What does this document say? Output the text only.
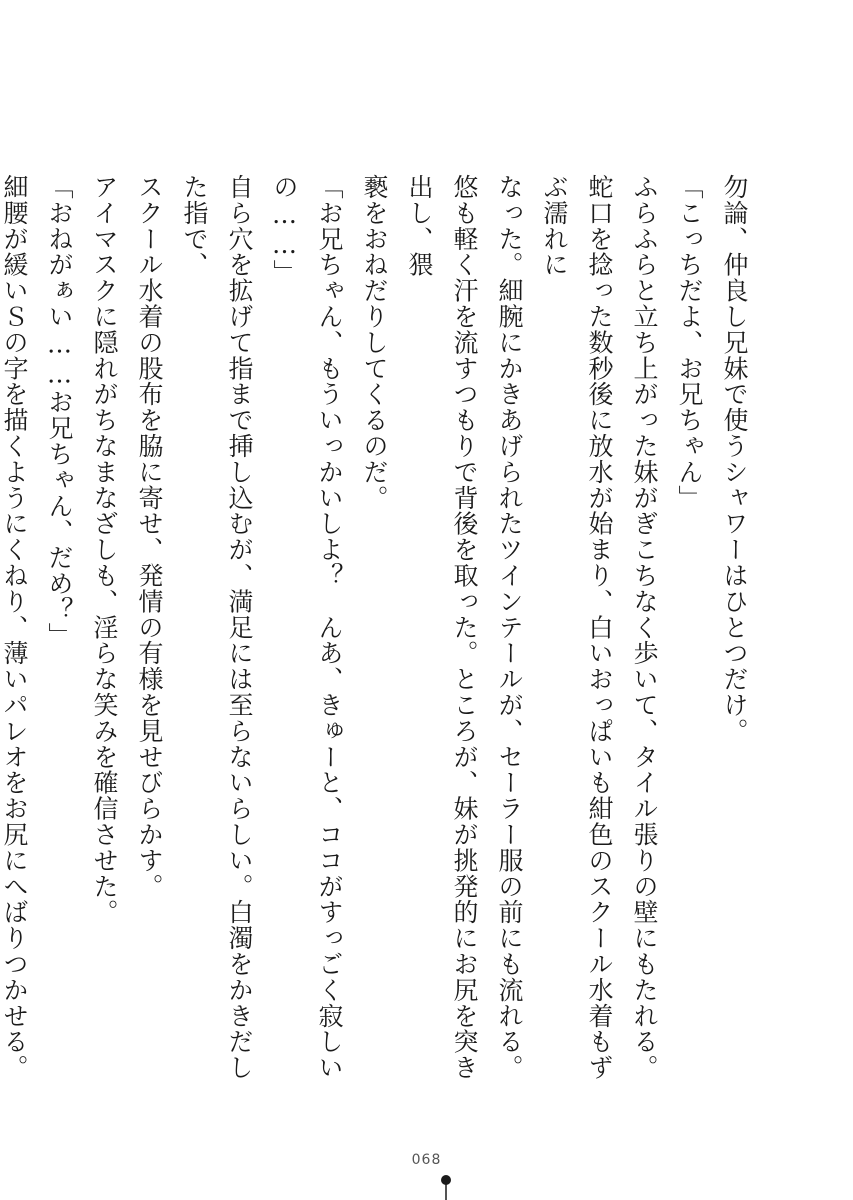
勿論、仲良し兄妹で使うシャワーはひとつだけ。

「こっちだよ、お兄ちゃん」

ふらふらと立ち上がった妹がぎこちなく歩いて、タイル張りの壁にもたれる。

蛇口を捻った数秒後に放水が始まり、白いおっぱいも紺色のスクール水着もずぶ濡れに

なった。細腕にかきあげられたツインテールが、セーラー服の前にも流れる。

悠も軽く汗を流すつもりで背後を取った。ところが、妹が挑発的にお尻を突き出し、猥

褻をおねだりしてくるのだ。

「お兄ちゃん、もういっかいしよ？　んあ、きゅーと、ココがすっごく寂しいの……」

自ら穴を拡げて指まで挿し込むが、満足には至らないらしい。白濁をかきだした指で、

スクール水着の股布を脇に寄せ、発情の有様を見せびらかす。

アイマスクに隠れがちなまなざしも、淫らな笑みを確信させた。

「おねがぁい……お兄ちゃん、だめ？」

細腰が緩いＳの字を描くようにくねり、薄いパレオをお尻にへばりつかせる。

068
